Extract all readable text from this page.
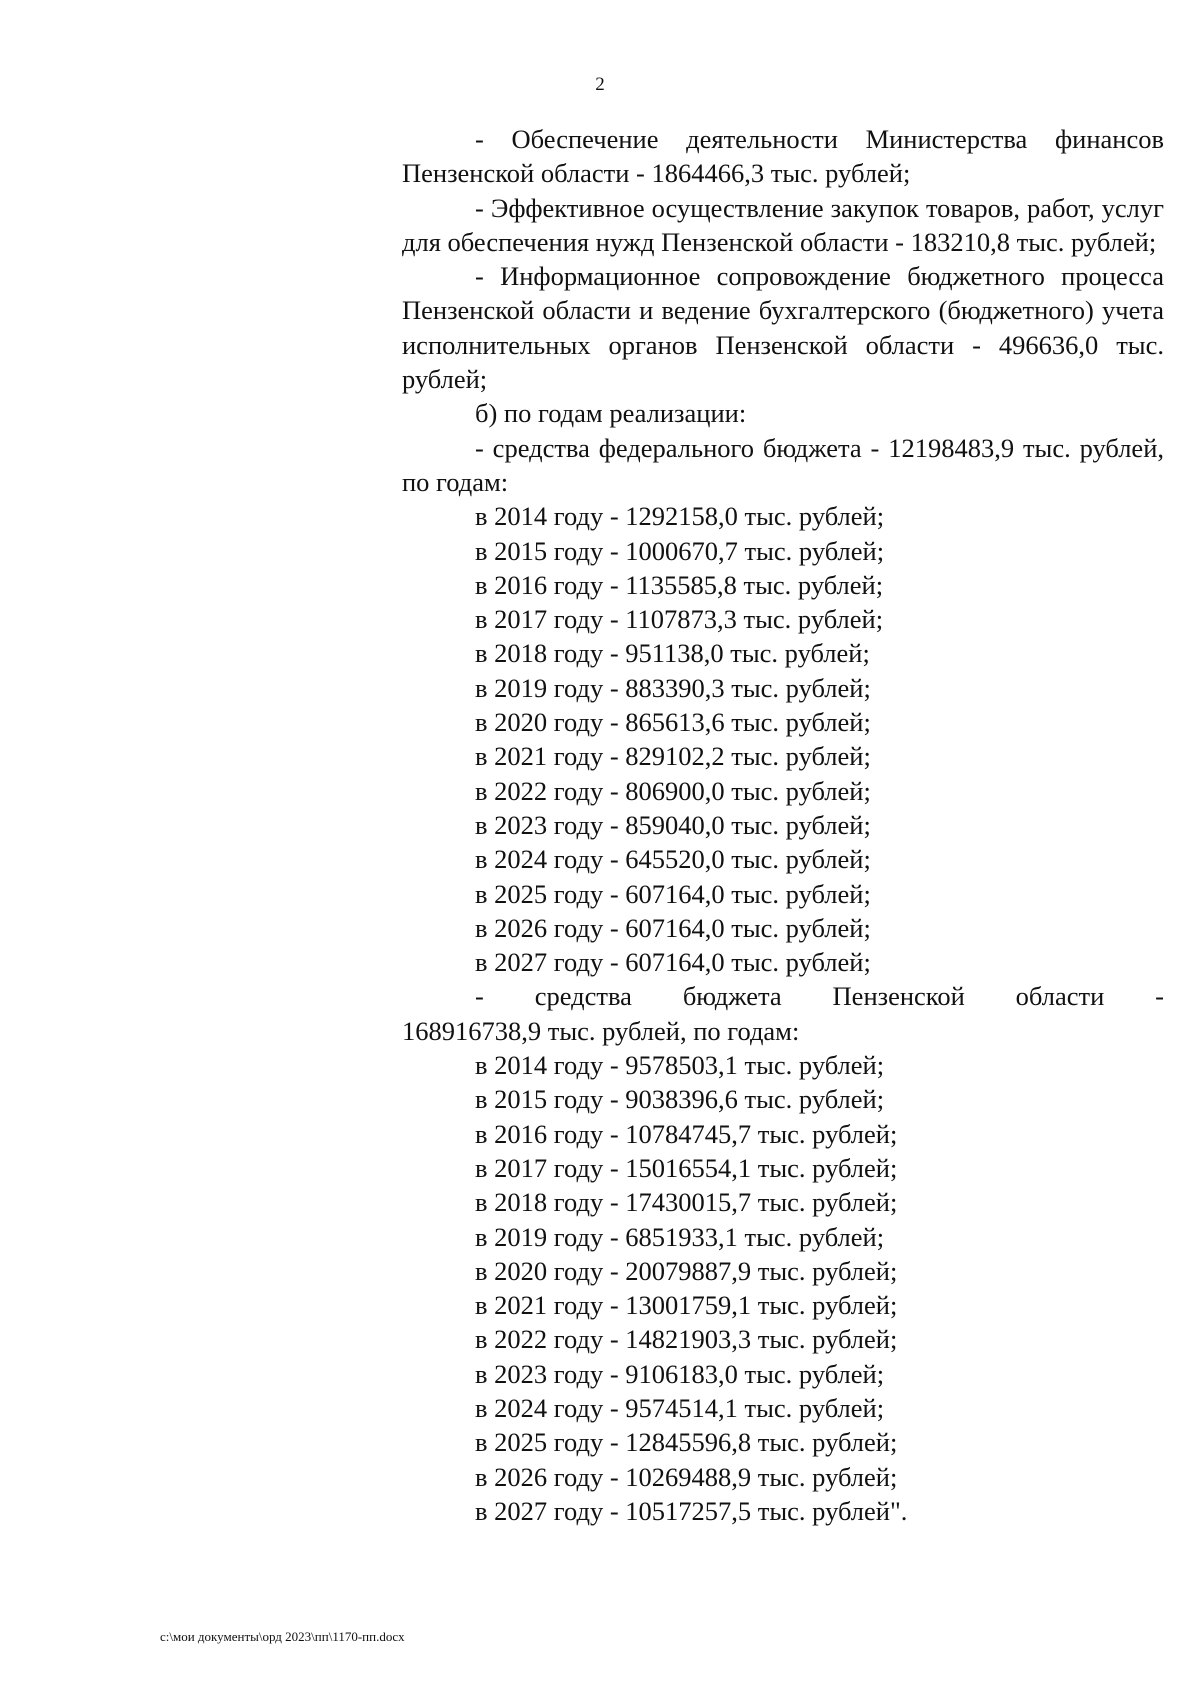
2

- Обеспечение деятельности Министерства финансов Пензенской области - 1864466,3 тыс. рублей;

- Эффективное осуществление закупок товаров, работ, услуг для обеспечения нужд Пензенской области - 183210,8 тыс. рублей;

- Информационное сопровождение бюджетного процесса Пензенской области и ведение бухгалтерского (бюджетного) учета исполнительных органов Пензенской области - 496636,0 тыс. рублей;

б) по годам реализации:

- средства федерального бюджета - 12198483,9 тыс. рублей, по годам:

в 2014 году - 1292158,0 тыс. рублей;
в 2015 году - 1000670,7 тыс. рублей;
в 2016 году - 1135585,8 тыс. рублей;
в 2017 году - 1107873,3 тыс. рублей;
в 2018 году - 951138,0 тыс. рублей;
в 2019 году - 883390,3 тыс. рублей;
в 2020 году - 865613,6 тыс. рублей;
в 2021 году - 829102,2 тыс. рублей;
в 2022 году - 806900,0 тыс. рублей;
в 2023 году - 859040,0 тыс. рублей;
в 2024 году - 645520,0 тыс. рублей;
в 2025 году - 607164,0 тыс. рублей;
в 2026 году - 607164,0 тыс. рублей;
в 2027 году - 607164,0 тыс. рублей;

- средства бюджета Пензенской области -

168916738,9 тыс. рублей, по годам:

в 2014 году - 9578503,1 тыс. рублей;
в 2015 году - 9038396,6 тыс. рублей;
в 2016 году - 10784745,7 тыс. рублей;
в 2017 году - 15016554,1 тыс. рублей;
в 2018 году - 17430015,7 тыс. рублей;
в 2019 году - 6851933,1 тыс. рублей;
в 2020 году - 20079887,9 тыс. рублей;
в 2021 году - 13001759,1 тыс. рублей;
в 2022 году - 14821903,3 тыс. рублей;
в 2023 году - 9106183,0 тыс. рублей;
в 2024 году - 9574514,1 тыс. рублей;
в 2025 году - 12845596,8 тыс. рублей;
в 2026 году - 10269488,9 тыс. рублей;
в 2027 году - 10517257,5 тыс. рублей".
c:\мои документы\орд 2023\пп\1170-пп.docx
